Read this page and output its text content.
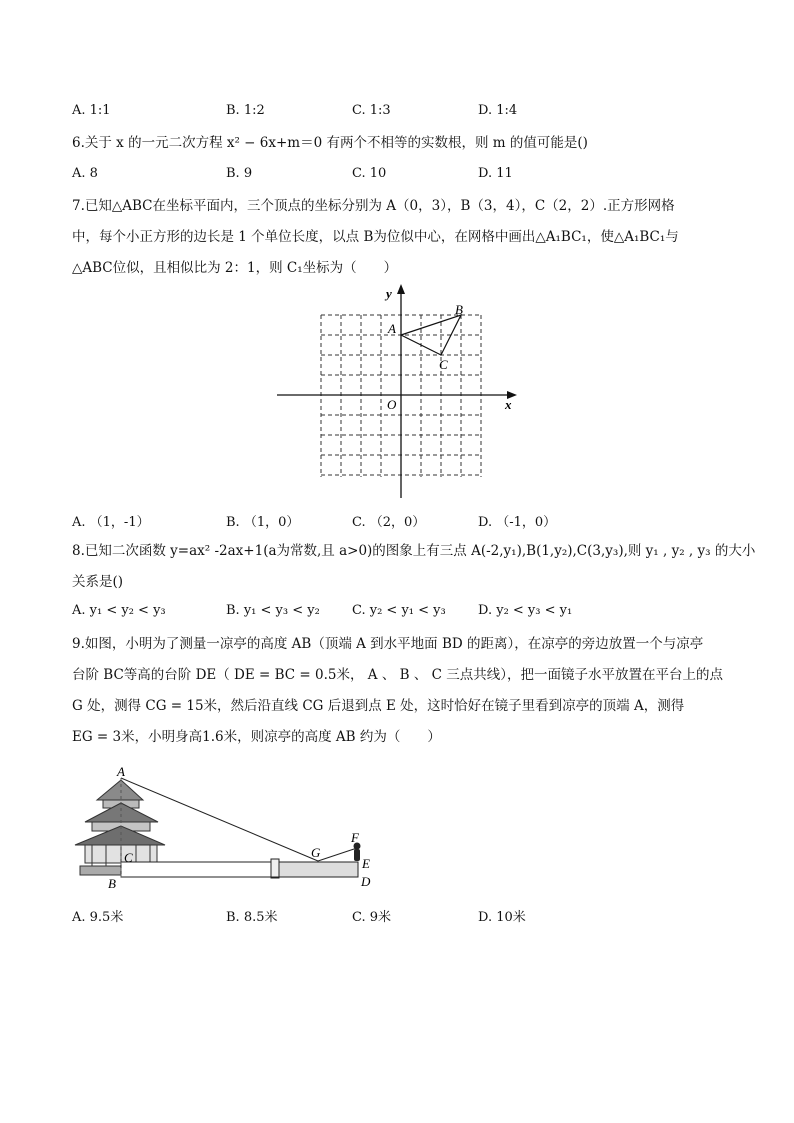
A. 1:1	B. 1:2	C. 1:3	D. 1:4
6.关于 x 的一元二次方程 x² − 6x+m＝0 有两个不相等的实数根，则 m 的值可能是()
A. 8	B. 9	C. 10	D. 11
7.已知△ABC在坐标平面内，三个顶点的坐标分别为 A（0，3），B（3，4），C（2，2）.正方形网格
中，每个小正方形的边长是 1 个单位长度，以点 B为位似中心，在网格中画出△A₁BC₁，使△A₁BC₁与
△ABC位似，且相似比为 2：1，则 C₁坐标为（　　）
x
y
O
A
B
C
A. （1，-1）	B. （1，0）	C. （2，0）	D. （-1，0）
8.已知二次函数 y=ax² -2ax+1(a为常数,且 a>0)的图象上有三点 A(-2,y₁),B(1,y₂),C(3,y₃),则 y₁ , y₂ , y₃ 的大小
关系是()
A. y₁ < y₂ < y₃	B. y₁ < y₃ < y₂ C. y₂ < y₁ < y₃ D. y₂ < y₃ < y₁
9.如图，小明为了测量一凉亭的高度 AB（顶端 A 到水平地面 BD 的距离），在凉亭的旁边放置一个与凉亭
台阶 BC等高的台阶 DE（ DE = BC = 0.5米， A 、 B 、 C 三点共线），把一面镜子水平放置在平台上的点
G 处，测得 CG = 15米，然后沿直线 CG 后退到点 E 处，这时恰好在镜子里看到凉亭的顶端 A，测得
EG = 3米，小明身高1.6米，则凉亭的高度 AB 约为（　　）
A
B
C	G
F
E
D
A. 9.5米	B. 8.5米	C. 9米	D. 10米
